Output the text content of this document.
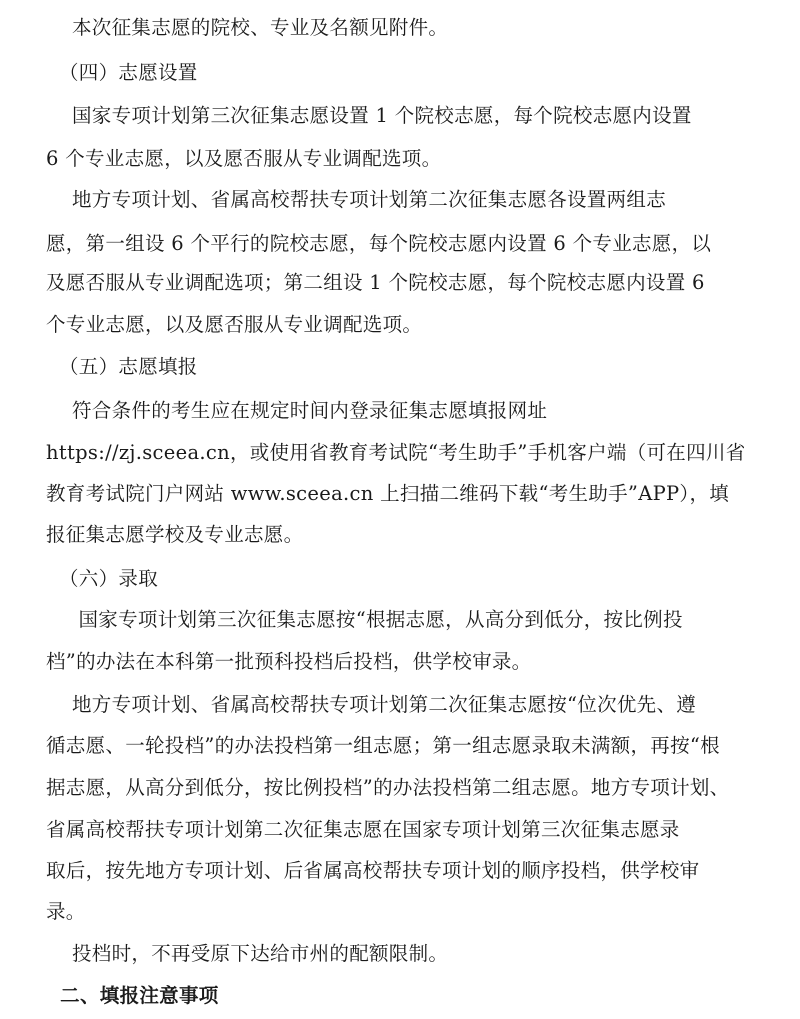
本次征集志愿的院校、专业及名额见附件。
（四）志愿设置
国家专项计划第三次征集志愿设置 1 个院校志愿，每个院校志愿内设置
6 个专业志愿，以及愿否服从专业调配选项。
地方专项计划、省属高校帮扶专项计划第二次征集志愿各设置两组志
愿，第一组设 6 个平行的院校志愿，每个院校志愿内设置 6 个专业志愿，以
及愿否服从专业调配选项；第二组设 1 个院校志愿，每个院校志愿内设置 6
个专业志愿，以及愿否服从专业调配选项。
（五）志愿填报
符合条件的考生应在规定时间内登录征集志愿填报网址
https://zj.sceea.cn，或使用省教育考试院“考生助手”手机客户端（可在四川省
教育考试院门户网站 www.sceea.cn 上扫描二维码下载“考生助手”APP），填
报征集志愿学校及专业志愿。
（六）录取
国家专项计划第三次征集志愿按“根据志愿，从高分到低分，按比例投
档”的办法在本科第一批预科投档后投档，供学校审录。
地方专项计划、省属高校帮扶专项计划第二次征集志愿按“位次优先、遵
循志愿、一轮投档”的办法投档第一组志愿；第一组志愿录取未满额，再按“根
据志愿，从高分到低分，按比例投档”的办法投档第二组志愿。地方专项计划、
省属高校帮扶专项计划第二次征集志愿在国家专项计划第三次征集志愿录
取后，按先地方专项计划、后省属高校帮扶专项计划的顺序投档，供学校审
录。
投档时，不再受原下达给市州的配额限制。
二、填报注意事项
